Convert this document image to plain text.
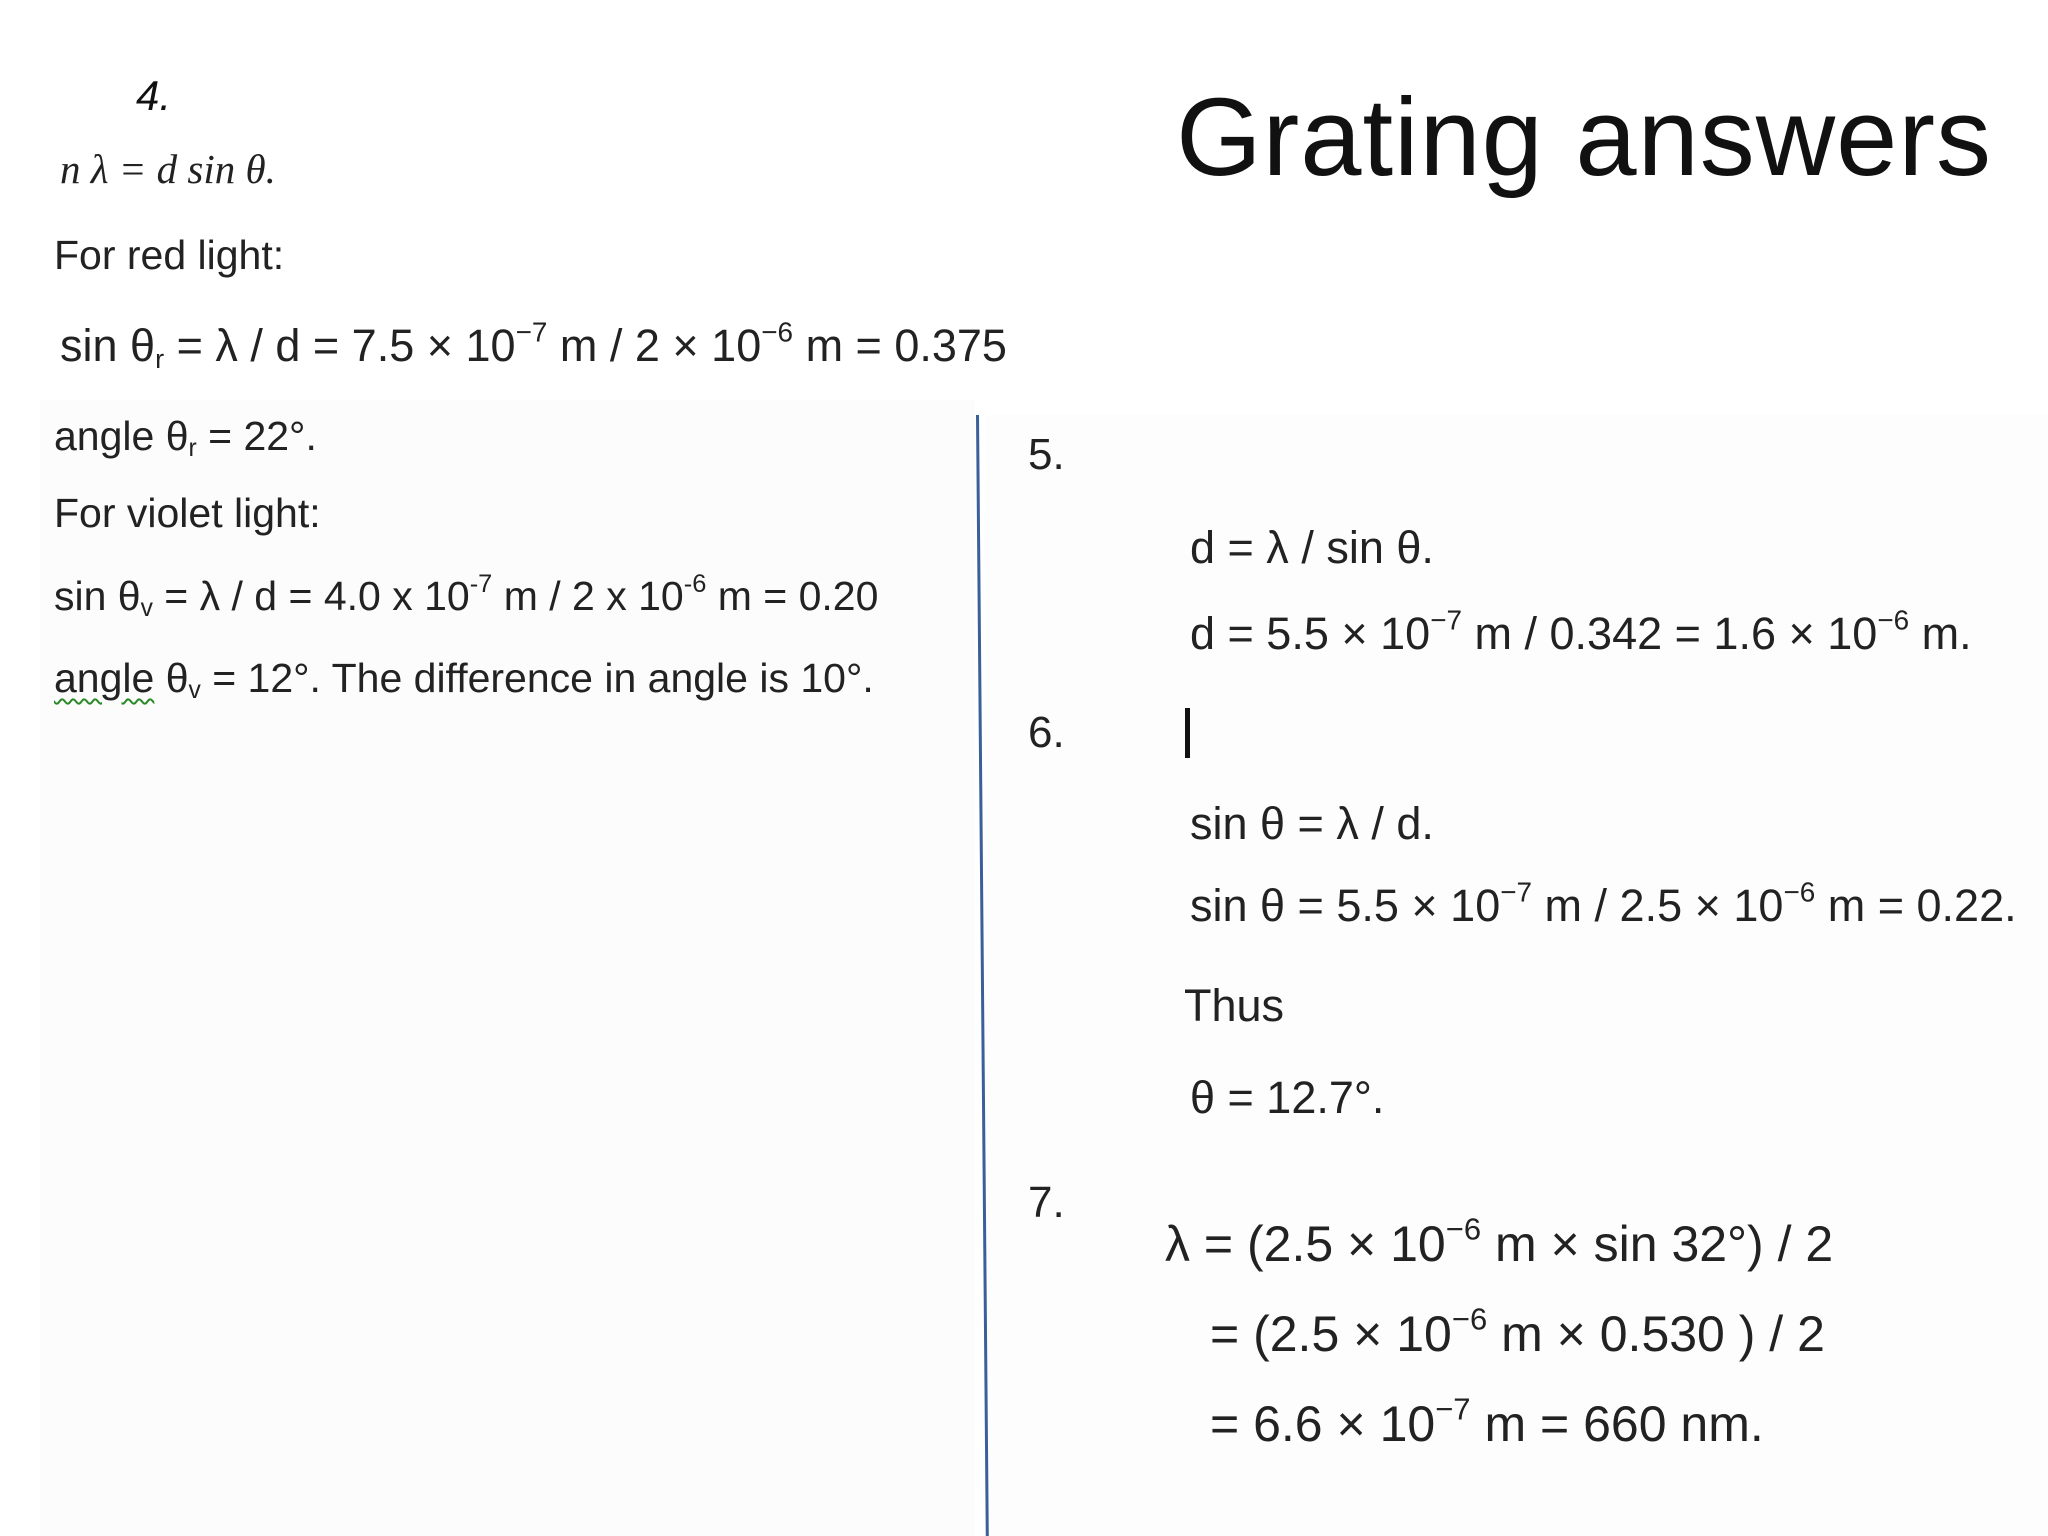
Grating answers
4.
n λ = d sin θ.
For red light:
$\sin \theta_r = \lambda / d = 7.5 \times 10^{-7}$ $m / 2 \times 10^{-6}$ m = 0.375
angle $\theta_r = 22^\circ$.
For violet light:
$\sin \theta_v = \lambda / d = 4.0$ x $10^{-7}$ m / 2 x $10^{-6}$ m = 0.20
angle $\theta_v = 12^\circ$. The difference in angle is 10°.
5.
d = λ / sin θ.
$d = 5.5 \times 10^{-7}$ $m / 0.342 = 1.6 \times 10^{-6}$ m.
6.
sin θ = λ / d.
$\sin \theta = 5.5 \times 10^{-7}$ $m / 2.5 \times 10^{-6}$ m = 0.22.
Thus
θ = 12.7°.
7.
$\lambda = (2.5 \times 10^{-6}$ m × sin 32°) / 2
= ($2.5 \times 10^{-6}$ m × 0.530 ) / 2
= $6.6 \times 10^{-7}$ m = 660 nm.
